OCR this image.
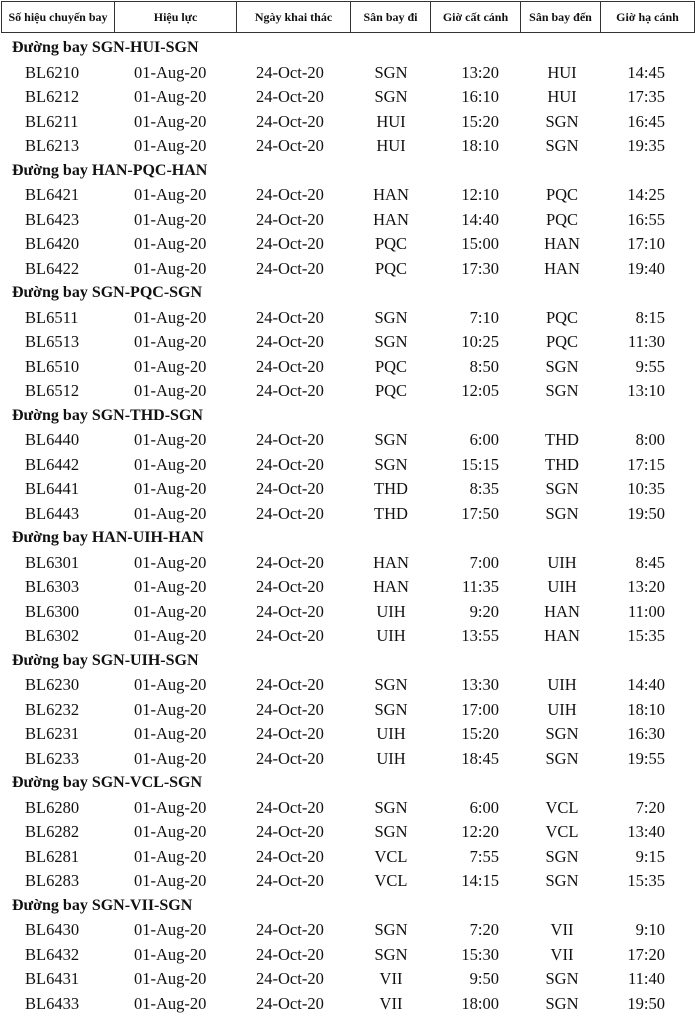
Số hiệu chuyến bay	Hiệu lực	Ngày khai thác	Sân bay đi	Giờ cất cánh	Sân bay đến	Giờ hạ cánh
Đường bay SGN-HUI-SGN
BL6210	01-Aug-20	24-Oct-20	SGN	13:20	HUI	14:45
BL6212	01-Aug-20	24-Oct-20	SGN	16:10	HUI	17:35
BL6211	01-Aug-20	24-Oct-20	HUI	15:20	SGN	16:45
BL6213	01-Aug-20	24-Oct-20	HUI	18:10	SGN	19:35
Đường bay HAN-PQC-HAN
BL6421	01-Aug-20	24-Oct-20	HAN	12:10	PQC	14:25
BL6423	01-Aug-20	24-Oct-20	HAN	14:40	PQC	16:55
BL6420	01-Aug-20	24-Oct-20	PQC	15:00	HAN	17:10
BL6422	01-Aug-20	24-Oct-20	PQC	17:30	HAN	19:40
Đường bay SGN-PQC-SGN
BL6511	01-Aug-20	24-Oct-20	SGN	7:10	PQC	8:15
BL6513	01-Aug-20	24-Oct-20	SGN	10:25	PQC	11:30
BL6510	01-Aug-20	24-Oct-20	PQC	8:50	SGN	9:55
BL6512	01-Aug-20	24-Oct-20	PQC	12:05	SGN	13:10
Đường bay SGN-THD-SGN
BL6440	01-Aug-20	24-Oct-20	SGN	6:00	THD	8:00
BL6442	01-Aug-20	24-Oct-20	SGN	15:15	THD	17:15
BL6441	01-Aug-20	24-Oct-20	THD	8:35	SGN	10:35
BL6443	01-Aug-20	24-Oct-20	THD	17:50	SGN	19:50
Đường bay HAN-UIH-HAN
BL6301	01-Aug-20	24-Oct-20	HAN	7:00	UIH	8:45
BL6303	01-Aug-20	24-Oct-20	HAN	11:35	UIH	13:20
BL6300	01-Aug-20	24-Oct-20	UIH	9:20	HAN	11:00
BL6302	01-Aug-20	24-Oct-20	UIH	13:55	HAN	15:35
Đường bay SGN-UIH-SGN
BL6230	01-Aug-20	24-Oct-20	SGN	13:30	UIH	14:40
BL6232	01-Aug-20	24-Oct-20	SGN	17:00	UIH	18:10
BL6231	01-Aug-20	24-Oct-20	UIH	15:20	SGN	16:30
BL6233	01-Aug-20	24-Oct-20	UIH	18:45	SGN	19:55
Đường bay SGN-VCL-SGN
BL6280	01-Aug-20	24-Oct-20	SGN	6:00	VCL	7:20
BL6282	01-Aug-20	24-Oct-20	SGN	12:20	VCL	13:40
BL6281	01-Aug-20	24-Oct-20	VCL	7:55	SGN	9:15
BL6283	01-Aug-20	24-Oct-20	VCL	14:15	SGN	15:35
Đường bay SGN-VII-SGN
BL6430	01-Aug-20	24-Oct-20	SGN	7:20	VII	9:10
BL6432	01-Aug-20	24-Oct-20	SGN	15:30	VII	17:20
BL6431	01-Aug-20	24-Oct-20	VII	9:50	SGN	11:40
BL6433	01-Aug-20	24-Oct-20	VII	18:00	SGN	19:50
